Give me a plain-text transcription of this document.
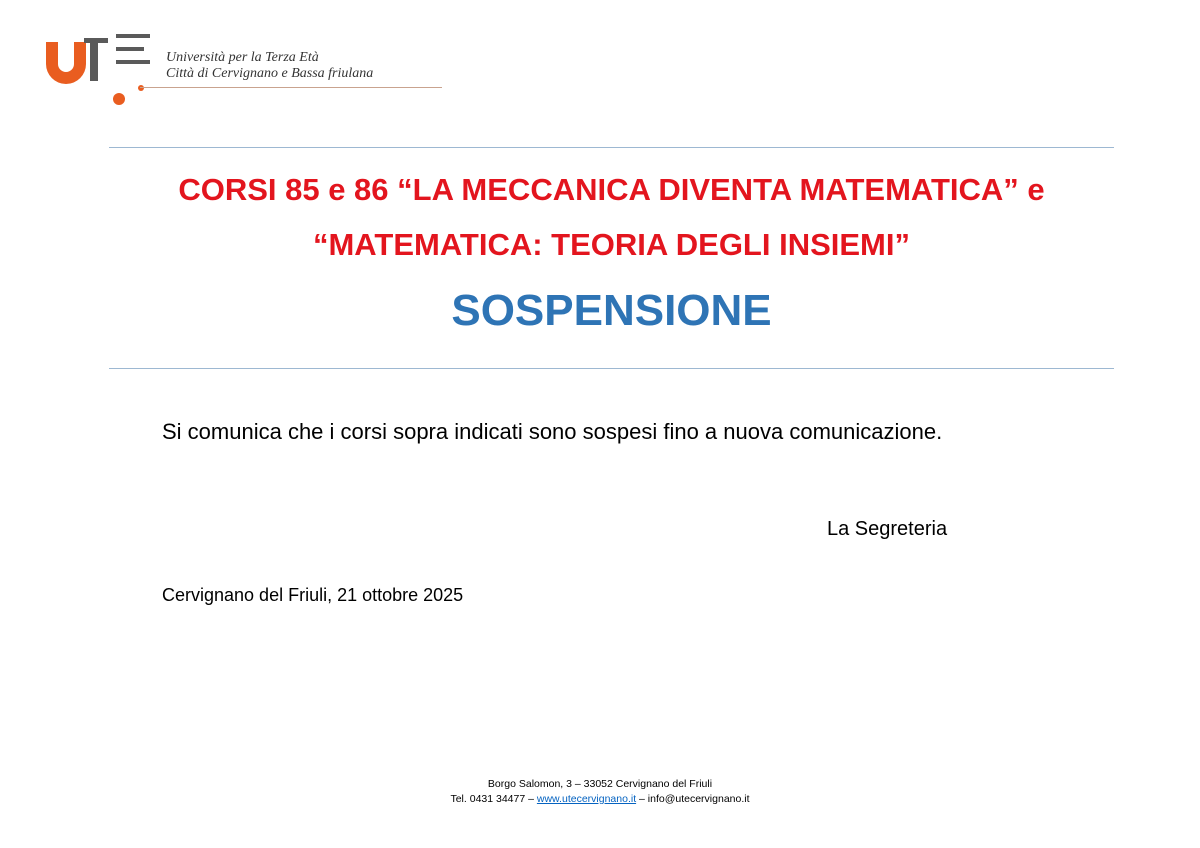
Università per la Terza Età
Città di Cervignano e Bassa friulana
CORSI 85 e 86 “LA MECCANICA DIVENTA MATEMATICA” e
“MATEMATICA: TEORIA DEGLI INSIEMI”
SOSPENSIONE
Si comunica che i corsi sopra indicati sono sospesi fino a nuova comunicazione.
La Segreteria
Cervignano del Friuli, 21 ottobre 2025
Borgo Salomon, 3 – 33052 Cervignano del Friuli
Tel. 0431 34477 – www.utecervignano.it – info@utecervignano.it
